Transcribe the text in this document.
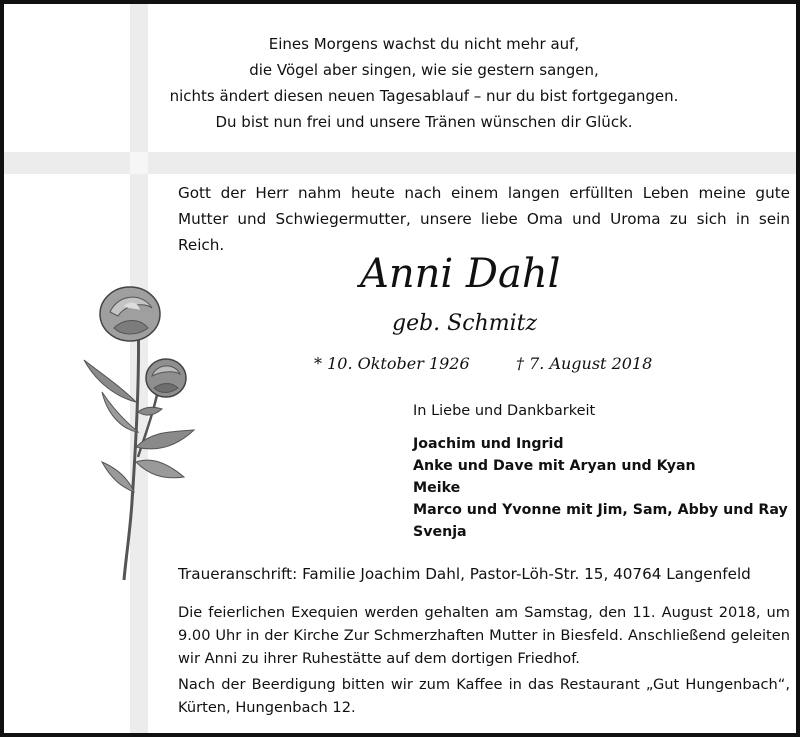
Eines Morgens wachst du nicht mehr auf,
die Vögel aber singen, wie sie gestern sangen,
nichts ändert diesen neuen Tagesablauf – nur du bist fortgegangen.
Du bist nun frei und unsere Tränen wünschen dir Glück.
Gott der Herr nahm heute nach einem langen erfüllten Leben meine gute Mutter und Schwiegermutter, unsere liebe Oma und Uroma zu sich in sein Reich.
Anni Dahl
geb. Schmitz
* 10. Oktober 1926	† 7. August 2018
In Liebe und Dankbarkeit
Joachim und Ingrid
Anke und Dave mit Aryan und Kyan
Meike
Marco und Yvonne mit Jim, Sam, Abby und Ray
Svenja
Traueranschrift: Familie Joachim Dahl, Pastor-Löh-Str. 15, 40764 Langenfeld
Die feierlichen Exequien werden gehalten am Samstag, den 11. August 2018, um 9.00 Uhr in der Kirche Zur Schmerzhaften Mutter in Biesfeld. Anschließend geleiten wir Anni zu ihrer Ruhestätte auf dem dortigen Friedhof.
Nach der Beerdigung bitten wir zum Kaffee in das Restaurant „Gut Hungenbach“, Kürten, Hungenbach 12.
